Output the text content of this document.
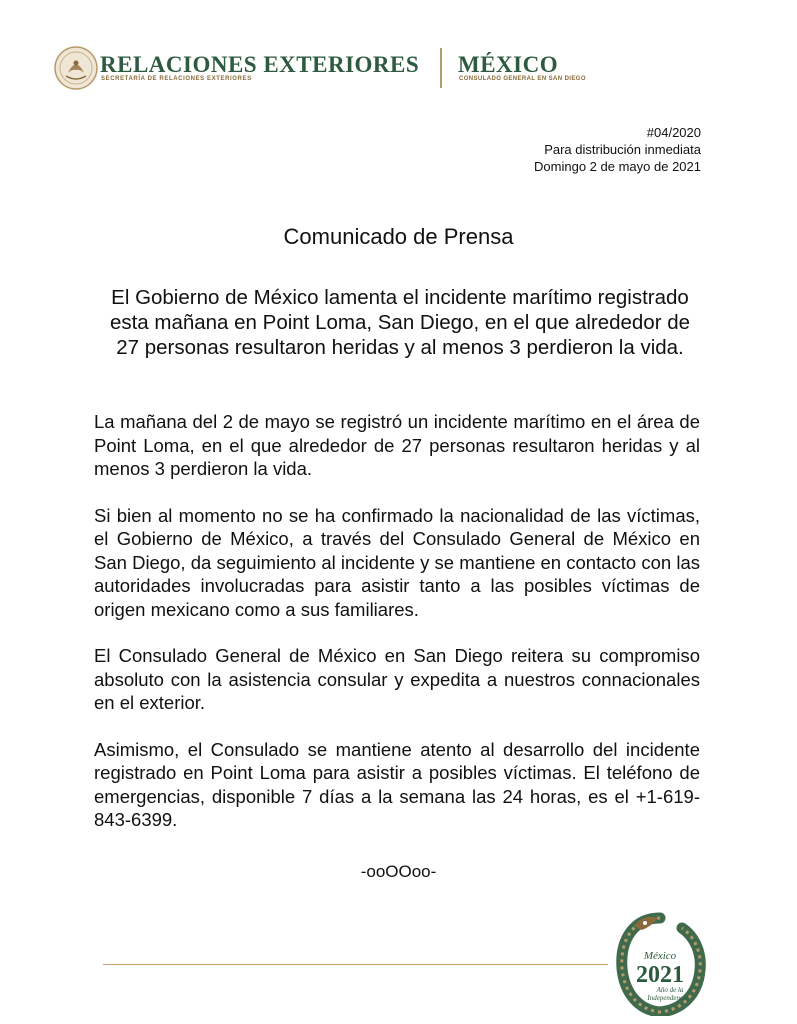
RELACIONES EXTERIORES
SECRETARÍA DE RELACIONES EXTERIORES
MÉXICO
CONSULADO GENERAL EN SAN DIEGO
#04/2020
Para distribución inmediata
Domingo 2 de mayo de 2021
Comunicado de Prensa
El Gobierno de México lamenta el incidente marítimo registrado esta mañana en Point Loma, San Diego, en el que alrededor de 27 personas resultaron heridas y al menos 3 perdieron la vida.

La mañana del 2 de mayo se registró un incidente marítimo en el área de Point Loma, en el que alrededor de 27 personas resultaron heridas y al menos 3 perdieron la vida.

Si bien al momento no se ha confirmado la nacionalidad de las víctimas, el Gobierno de México, a través del Consulado General de México en San Diego, da seguimiento al incidente y se mantiene en contacto con las autoridades involucradas para asistir tanto a las posibles víctimas de origen mexicano como a sus familiares.

El Consulado General de México en San Diego reitera su compromiso absoluto con la asistencia consular y expedita a nuestros connacionales en el exterior.

Asimismo, el Consulado se mantiene atento al desarrollo del incidente registrado en Point Loma para asistir a posibles víctimas. El teléfono de emergencias, disponible 7 días a la semana las 24 horas, es el +1-619-843-6399.

-ooOOoo-
México
2021
Año de la
Independencia
